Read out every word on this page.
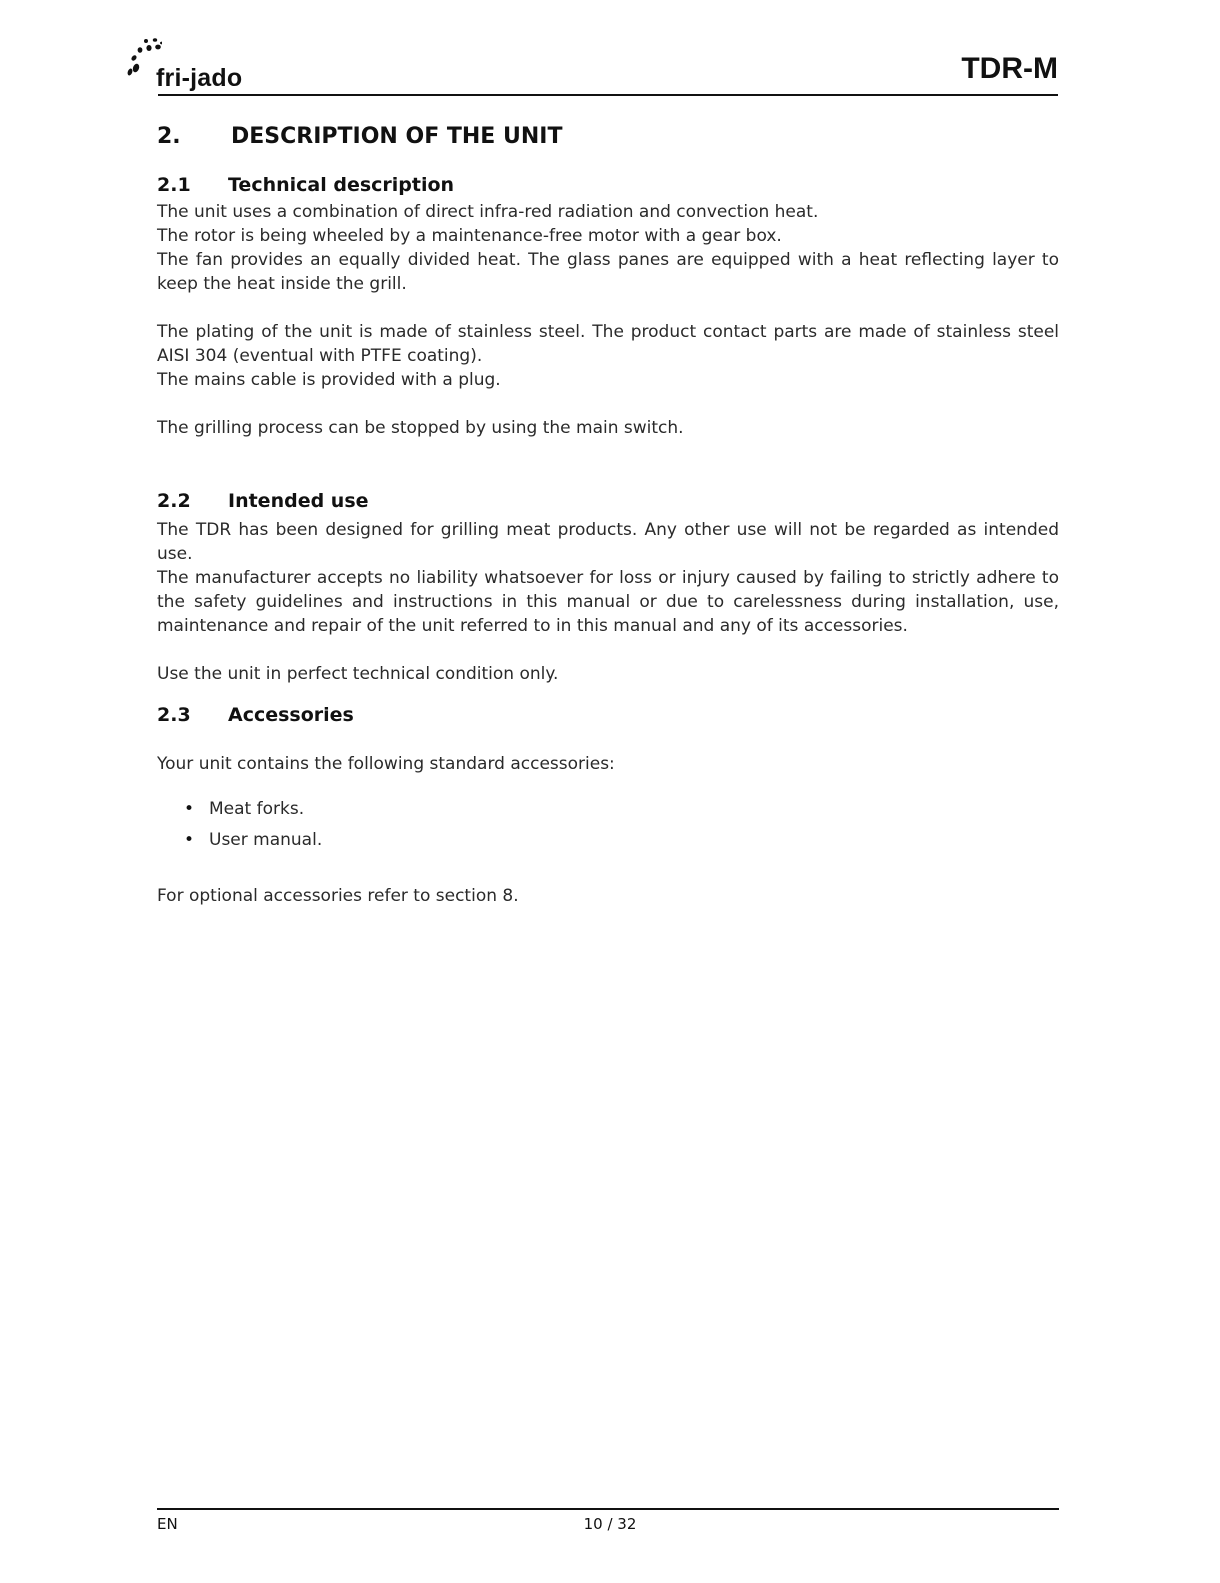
fri-jado	TDR-M
2.	DESCRIPTION OF THE UNIT
2.1	Technical description

The unit uses a combination of direct infra-red radiation and convection heat.

The rotor is being wheeled by a maintenance-free motor with a gear box.

The fan provides an equally divided heat. The glass panes are equipped with a heat reflecting layer to keep the heat inside the grill.

The plating of the unit is made of stainless steel. The product contact parts are made of stainless steel AISI 304 (eventual with PTFE coating).

The mains cable is provided with a plug.

The grilling process can be stopped by using the main switch.

2.2	Intended use

The TDR has been designed for grilling meat products. Any other use will not be regarded as intended use.

The manufacturer accepts no liability whatsoever for loss or injury caused by failing to strictly adhere to the safety guidelines and instructions in this manual or due to carelessness during installation, use, maintenance and repair of the unit referred to in this manual and any of its accessories.

Use the unit in perfect technical condition only.

2.3	Accessories

Your unit contains the following standard accessories:

• Meat forks.
• User manual.

For optional accessories refer to section 8.

EN	10 / 32
